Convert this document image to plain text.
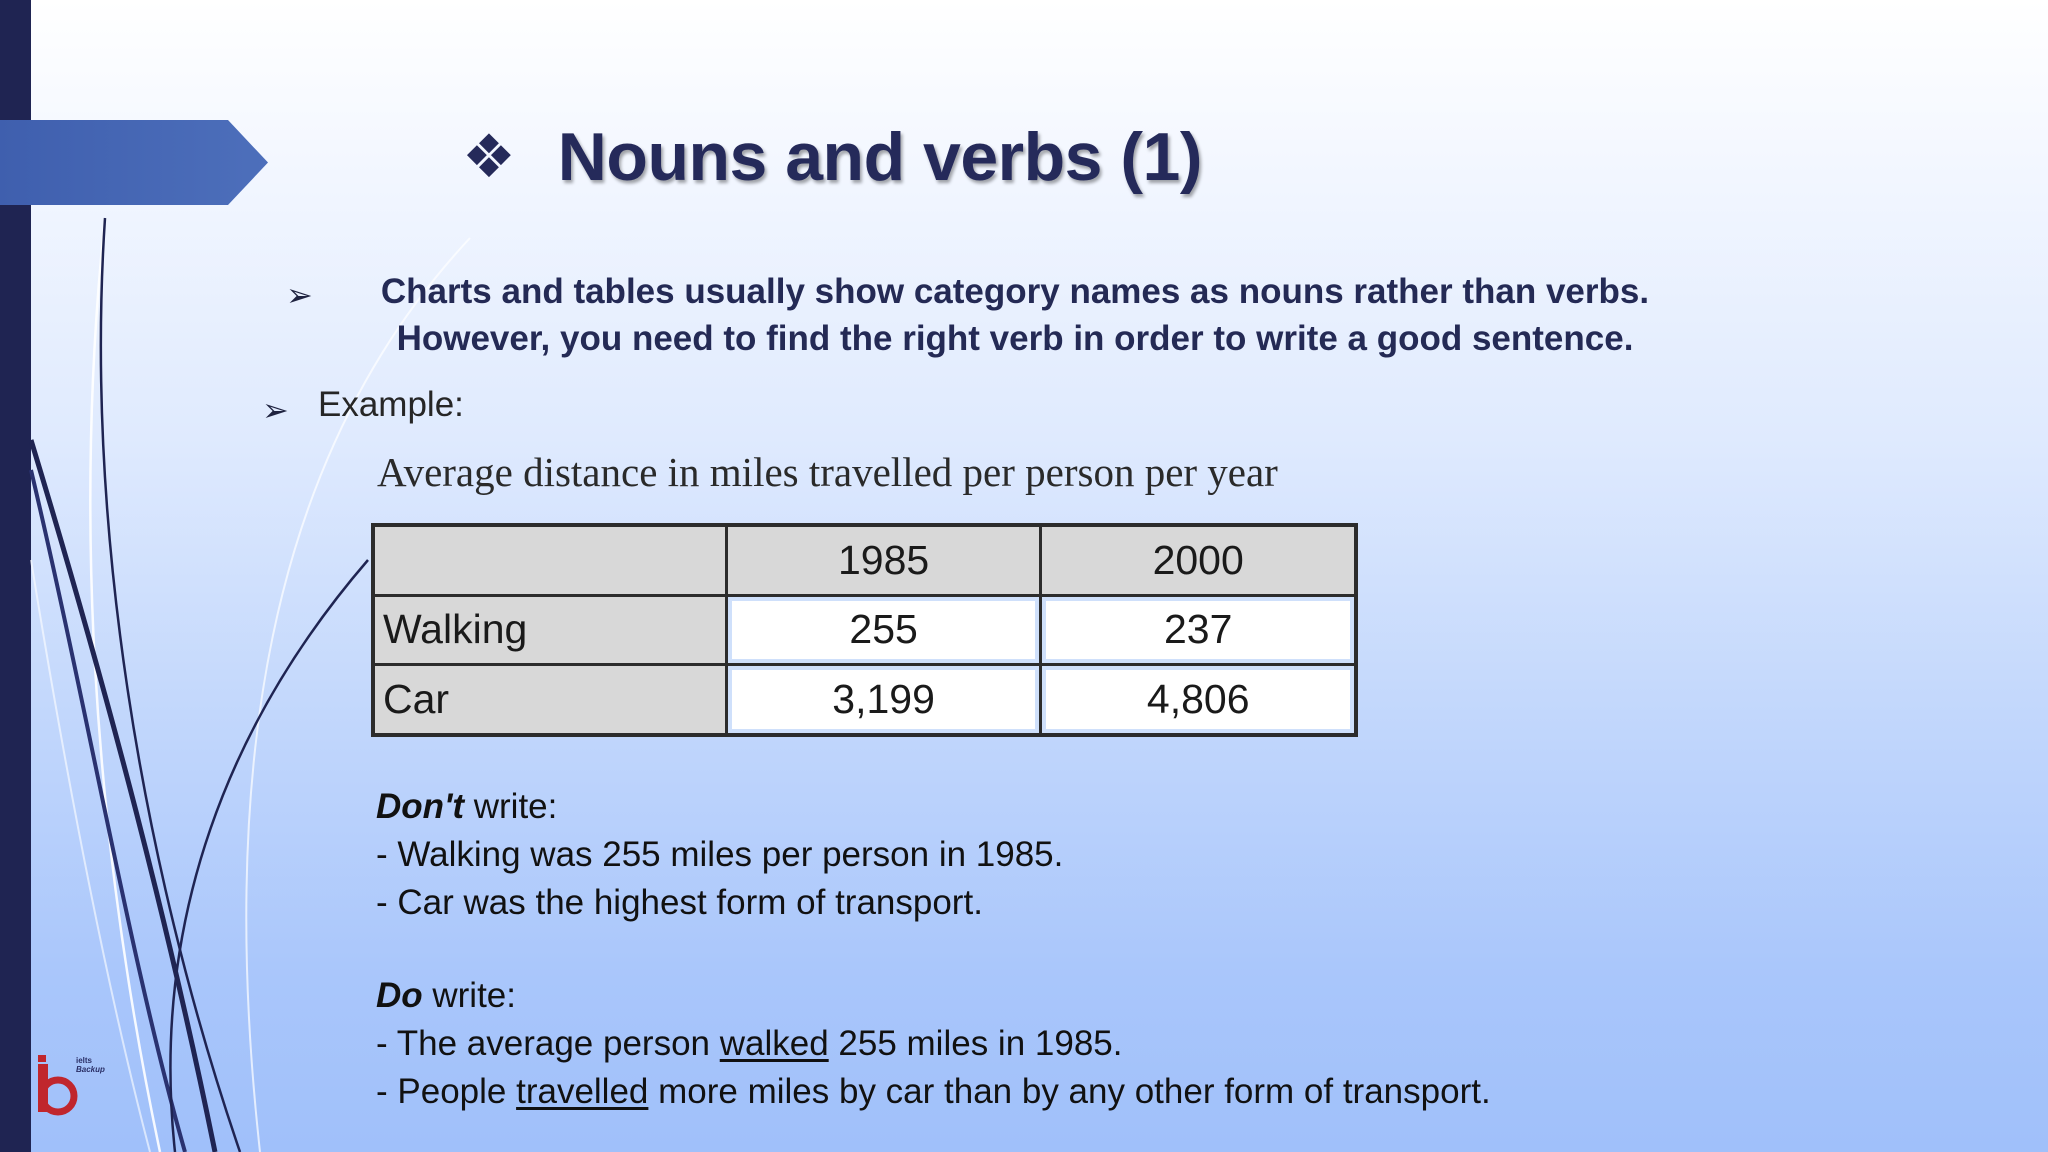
❖ Nouns and verbs (1)
➢	Charts and tables usually show category names as nouns rather than verbs. However, you need to find the right verb in order to write a good sentence.
➢ Example:
Average distance in miles travelled per person per year
	1985	2000
Walking	255	237
Car	3,199	4,806
Don't write:
- Walking was 255 miles per person in 1985.
- Car was the highest form of transport.
Do write:
- The average person walked 255 miles in 1985.
- People travelled more miles by car than by any other form of transport.
ielts
Backup
